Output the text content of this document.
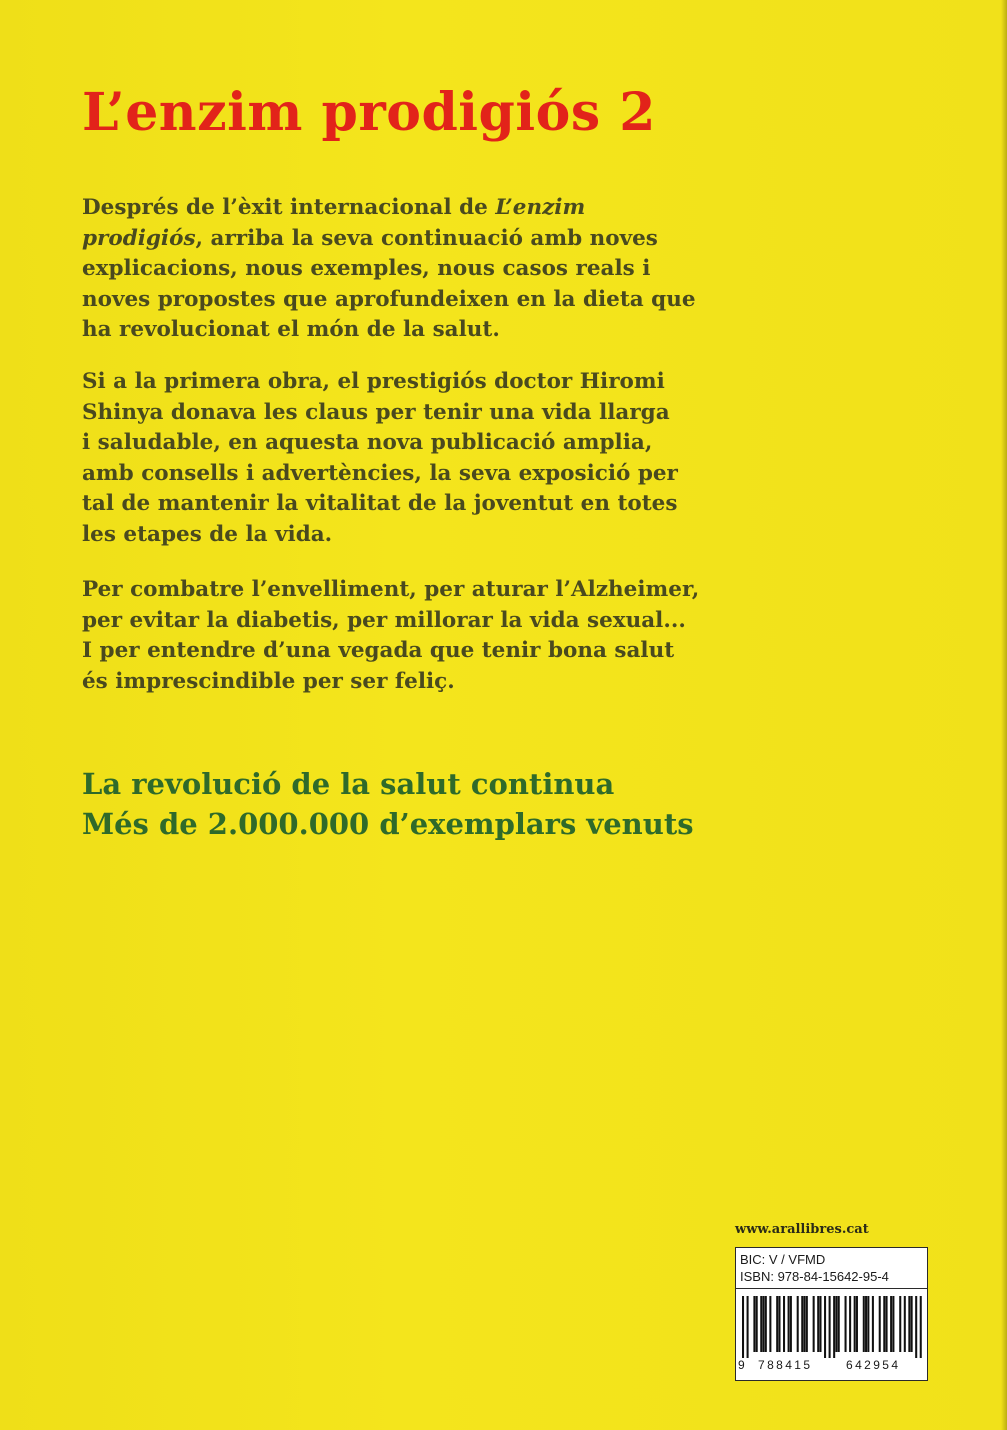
L’enzim prodigiós 2

Després de l’èxit internacional de L’enzim
prodigiós, arriba la seva continuació amb noves
explicacions, nous exemples, nous casos reals i
noves propostes que aprofundeixen en la dieta que
ha revolucionat el món de la salut.

Si a la primera obra, el prestigiós doctor Hiromi
Shinya donava les claus per tenir una vida llarga
i saludable, en aquesta nova publicació amplia,
amb consells i advertències, la seva exposició per
tal de mantenir la vitalitat de la joventut en totes
les etapes de la vida.

Per combatre l’envelliment, per aturar l’Alzheimer,
per evitar la diabetis, per millorar la vida sexual...
I per entendre d’una vegada que tenir bona salut
és imprescindible per ser feliç.

La revolució de la salut continua
Més de 2.000.000 d’exemplars venuts

www.arallibres.cat
BIC: V / VFMD
ISBN: 978-84-15642-95-4
9 788415	642954
